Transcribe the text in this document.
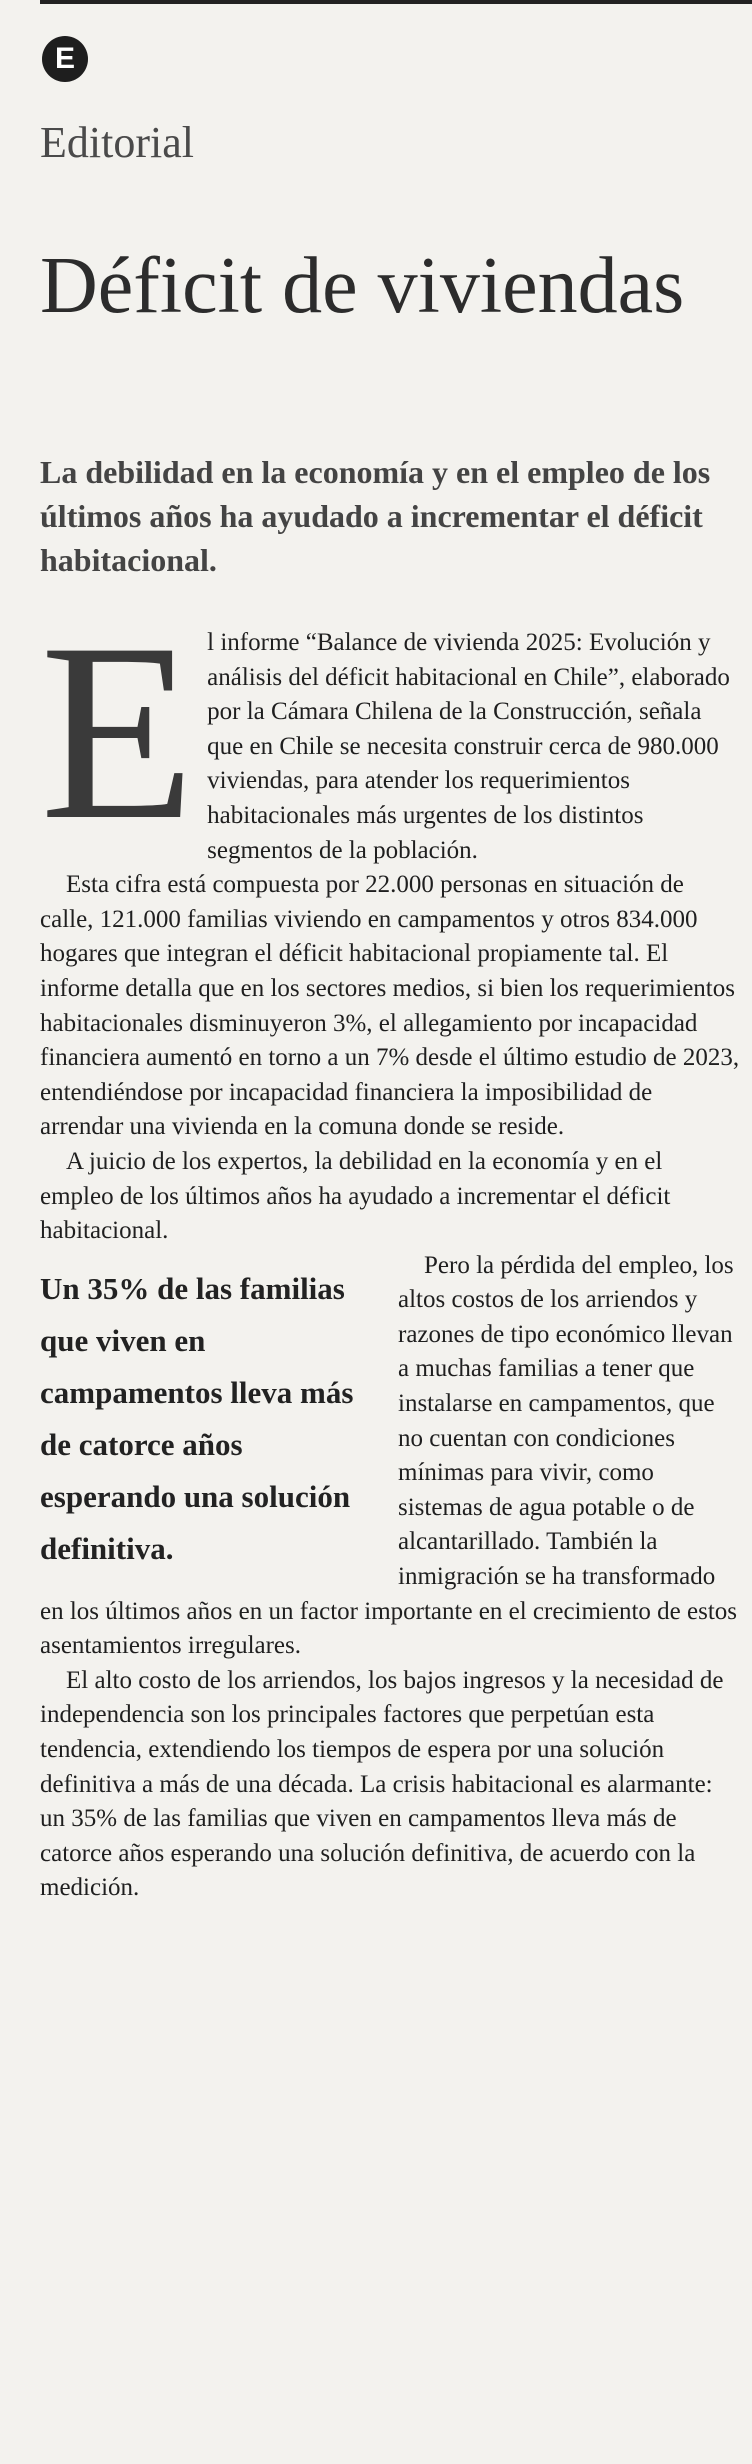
E
Editorial
Déficit de viviendas
La debilidad en la economía y en el empleo de los últimos años ha ayudado a incrementar el déficit habitacional.
E l informe “Balance de vivienda 2025: Evolución y análisis del déficit habitacional en Chile”, elaborado por la Cámara Chilena de la Construcción, señala que en Chile se necesita construir cerca de 980.000 viviendas, para atender los requerimientos habitacionales más urgentes de los distintos segmentos de la población.

Esta cifra está compuesta por 22.000 personas en situación de calle, 121.000 familias viviendo en campamentos y otros 834.000 hogares que integran el déficit habitacional propiamente tal. El informe detalla que en los sectores medios, si bien los requerimientos habitacionales disminuyeron 3%, el allegamiento por incapacidad financiera aumentó en torno a un 7% desde el último estudio de 2023, entendiéndose por incapacidad financiera la imposibilidad de arrendar una vivienda en la comuna donde se reside.

A juicio de los expertos, la debilidad en la economía y en el empleo de los últimos años ha ayudado a incrementar el déficit habitacional.

Un 35% de las familias que viven en campamentos lleva más de catorce años esperando una solución definitiva.

Pero la pérdida del empleo, los altos costos de los arriendos y razones de tipo económico llevan a muchas familias a tener que instalarse en campamentos, que no cuentan con condiciones mínimas para vivir, como sistemas de agua potable o de alcantarillado. También la inmigración se ha transformado en los últimos años en un factor importante en el crecimiento de estos asentamientos irregulares.

El alto costo de los arriendos, los bajos ingresos y la necesidad de independencia son los principales factores que perpetúan esta tendencia, extendiendo los tiempos de espera por una solución definitiva a más de una década. La crisis habitacional es alarmante: un 35% de las familias que viven en campamentos lleva más de catorce años esperando una solución definitiva, de acuerdo con la medición.
